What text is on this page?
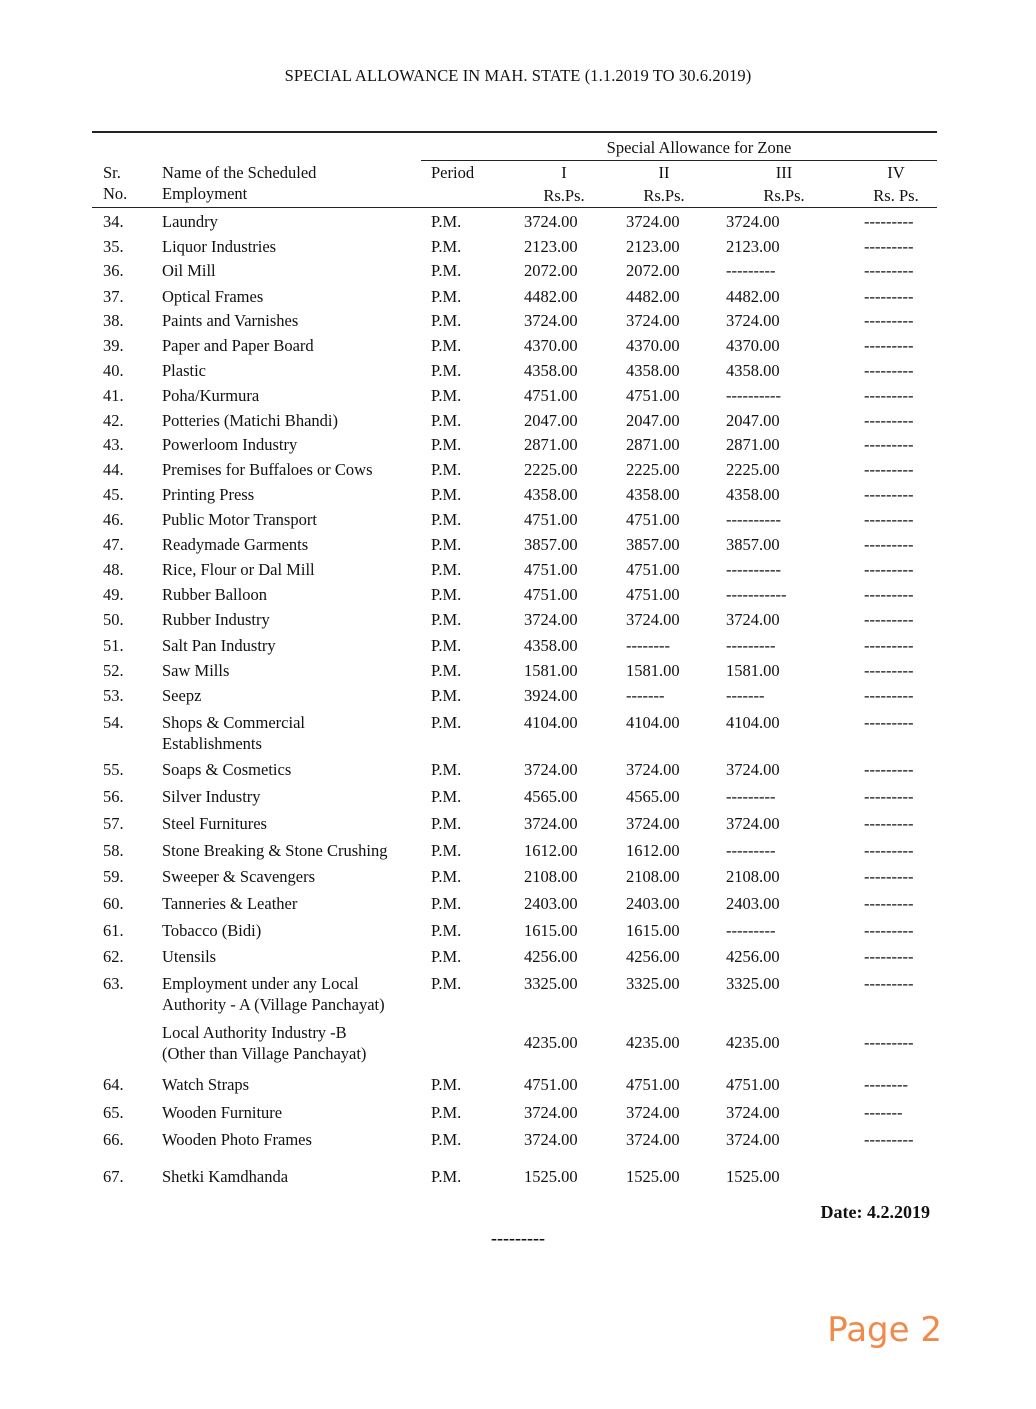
SPECIAL ALLOWANCE IN MAH. STATE (1.1.2019 TO 30.6.2019)
Special Allowance for Zone
Sr.
No.
Name of the Scheduled
Employment
Period	I	II	III	IV
Rs.Ps.	Rs.Ps.	Rs.Ps.	Rs. Ps.
34. Laundry	P.M.	3724.00	3724.00	3724.00	---------
35. Liquor Industries	P.M.	2123.00	2123.00	2123.00	---------
36. Oil Mill	P.M.	2072.00	2072.00	---------	---------
37. Optical Frames	P.M.	4482.00	4482.00	4482.00	---------
38. Paints and Varnishes	P.M.	3724.00	3724.00	3724.00	---------
39. Paper and Paper Board	P.M.	4370.00	4370.00	4370.00	---------
40. Plastic	P.M.	4358.00	4358.00	4358.00	---------
41. Poha/Kurmura	P.M.	4751.00	4751.00	----------	---------
42. Potteries (Matichi Bhandi)	P.M.	2047.00	2047.00	2047.00	---------
43. Powerloom Industry	P.M.	2871.00	2871.00	2871.00	---------
44. Premises for Buffaloes or Cows	P.M.	2225.00	2225.00	2225.00	---------
45. Printing Press	P.M.	4358.00	4358.00	4358.00	---------
46. Public Motor Transport	P.M.	4751.00	4751.00	----------	---------
47. Readymade Garments	P.M.	3857.00	3857.00	3857.00	---------
48. Rice, Flour or Dal Mill	P.M.	4751.00	4751.00	----------	---------
49. Rubber Balloon	P.M.	4751.00	4751.00	-----------	---------
50. Rubber Industry	P.M.	3724.00	3724.00	3724.00	---------
51. Salt Pan Industry	P.M.	4358.00	--------	---------	---------
52. Saw Mills	P.M.	1581.00	1581.00	1581.00	---------
53. Seepz	P.M.	3924.00	-------	-------	---------
54. Shops & Commercial
Establishments
P.M.	4104.00	4104.00	4104.00	---------
55. Soaps & Cosmetics	P.M.	3724.00	3724.00	3724.00	---------
56. Silver Industry	P.M.	4565.00	4565.00	---------	---------
57. Steel Furnitures	P.M.	3724.00	3724.00	3724.00	---------
58. Stone Breaking & Stone Crushing	P.M.	1612.00	1612.00	---------	---------
59. Sweeper & Scavengers	P.M.	2108.00	2108.00	2108.00	---------
60. Tanneries & Leather	P.M.	2403.00	2403.00	2403.00	---------
61. Tobacco (Bidi)	P.M.	1615.00	1615.00	---------	---------
62. Utensils	P.M.	4256.00	4256.00	4256.00	---------
63. Employment under any Local
Authority - A (Village Panchayat)
P.M.	3325.00	3325.00	3325.00	---------
Local Authority Industry -B
(Other than Village Panchayat)
4235.00	4235.00	4235.00	---------
64. Watch Straps	P.M.	4751.00	4751.00	4751.00	--------
65. Wooden Furniture	P.M.	3724.00	3724.00	3724.00	-------
66. Wooden Photo Frames	P.M.	3724.00	3724.00	3724.00	---------
67. Shetki Kamdhanda	P.M.	1525.00	1525.00	1525.00
Date: 4.2.2019
---------
Page 2
